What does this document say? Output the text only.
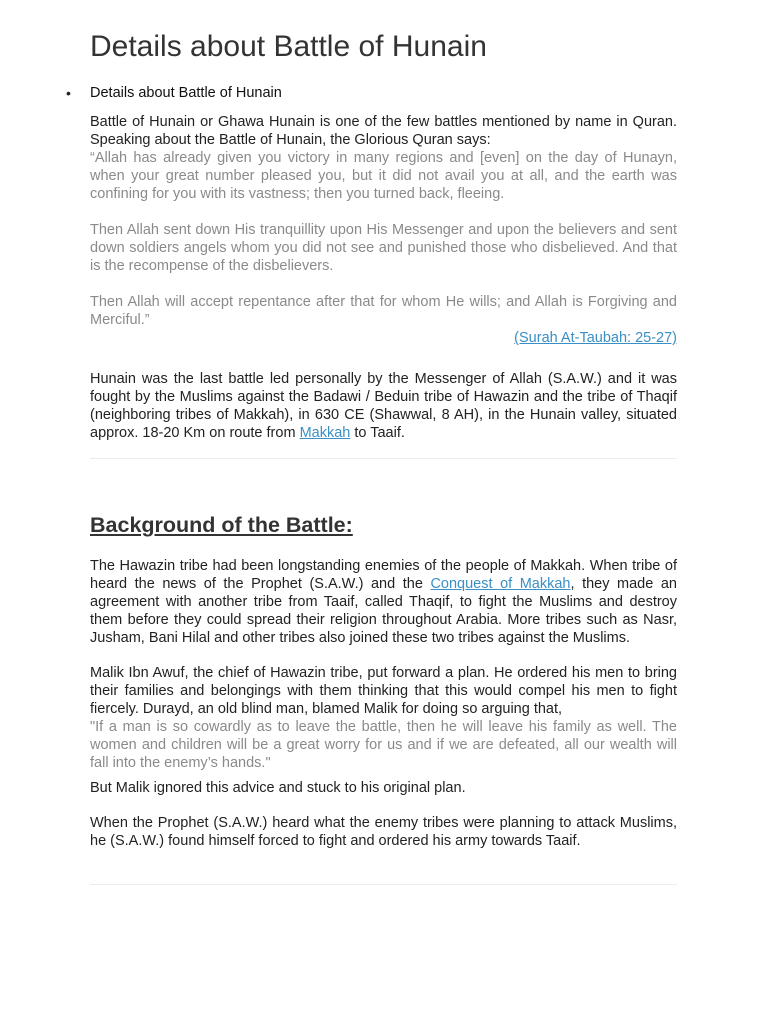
Details about Battle of Hunain
• Details about Battle of Hunain

Battle of Hunain or Ghawa Hunain is one of the few battles mentioned by name in Quran. Speaking about the Battle of Hunain, the Glorious Quran says:

“Allah has already given you victory in many regions and [even] on the day of Hunayn, when your great number pleased you, but it did not avail you at all, and the earth was confining for you with its vastness; then you turned back, fleeing.

Then Allah sent down His tranquillity upon His Messenger and upon the believers and sent down soldiers angels whom you did not see and punished those who disbelieved. And that is the recompense of the disbelievers.

Then Allah will accept repentance after that for whom He wills; and Allah is Forgiving and Merciful.”

(Surah At-Taubah: 25-27)

Hunain was the last battle led personally by the Messenger of Allah (S.A.W.) and it was fought by the Muslims against the Badawi / Beduin tribe of Hawazin and the tribe of Thaqif (neighboring tribes of Makkah), in 630 CE (Shawwal, 8 AH), in the Hunain valley, situated approx. 18-20 Km on route from Makkah to Taaif.

Background of the Battle:

The Hawazin tribe had been longstanding enemies of the people of Makkah. When tribe of heard the news of the Prophet (S.A.W.) and the Conquest of Makkah, they made an agreement with another tribe from Taaif, called Thaqif, to fight the Muslims and destroy them before they could spread their religion throughout Arabia. More tribes such as Nasr, Jusham, Bani Hilal and other tribes also joined these two tribes against the Muslims.

Malik Ibn Awuf, the chief of Hawazin tribe, put forward a plan. He ordered his men to bring their families and belongings with them thinking that this would compel his men to fight fiercely. Durayd, an old blind man, blamed Malik for doing so arguing that,

"If a man is so cowardly as to leave the battle, then he will leave his family as well. The women and children will be a great worry for us and if we are defeated, all our wealth will fall into the enemy’s hands."

But Malik ignored this advice and stuck to his original plan.

When the Prophet (S.A.W.) heard what the enemy tribes were planning to attack Muslims, he (S.A.W.) found himself forced to fight and ordered his army towards Taaif.
